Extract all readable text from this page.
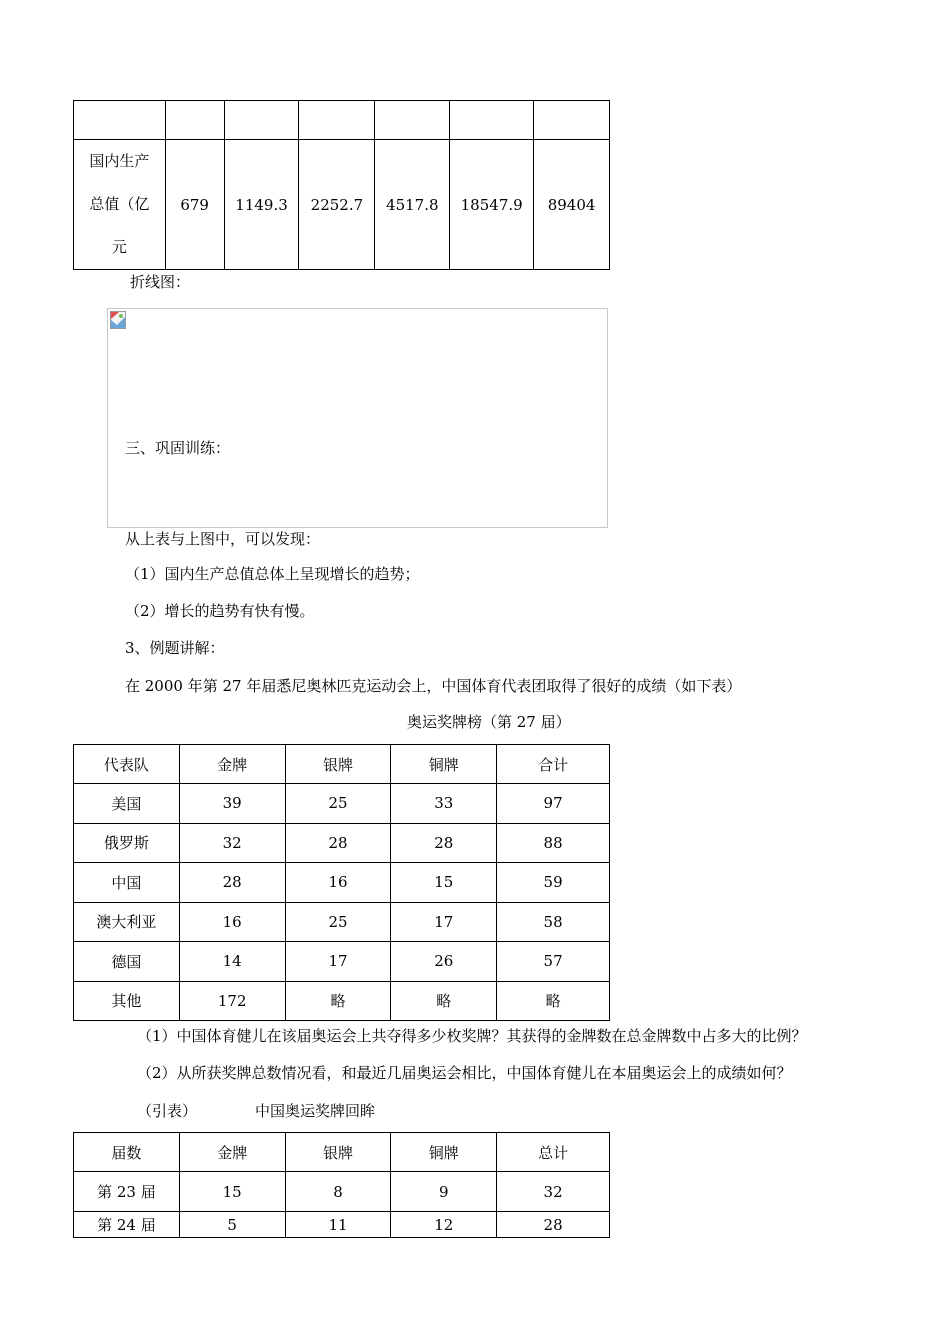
国内生产总值（亿元	679	1149.3	2252.7	4517.8	18547.9	89404
折线图：
三、巩固训练：
从上表与上图中，可以发现：
（1）国内生产总值总体上呈现增长的趋势；
（2）增长的趋势有快有慢。
3、例题讲解：
在 2000 年第 27 年届悉尼奥林匹克运动会上，中国体育代表团取得了很好的成绩（如下表）
奥运奖牌榜（第 27 届）
代表队	金牌	银牌	铜牌	合计
美国	39	25	33	97
俄罗斯	32	28	28	88
中国	28	16	15	59
澳大利亚	16	25	17	58
德国	14	17	26	57
其他	172	略	略	略
（1）中国体育健儿在该届奥运会上共夺得多少枚奖牌？其获得的金牌数在总金牌数中占多大的比例？
（2）从所获奖牌总数情况看，和最近几届奥运会相比，中国体育健儿在本届奥运会上的成绩如何？
（引表）	中国奥运奖牌回眸
届数	金牌	银牌	铜牌	总计
第 23 届	15	8	9	32
第 24 届	5	11	12	28
